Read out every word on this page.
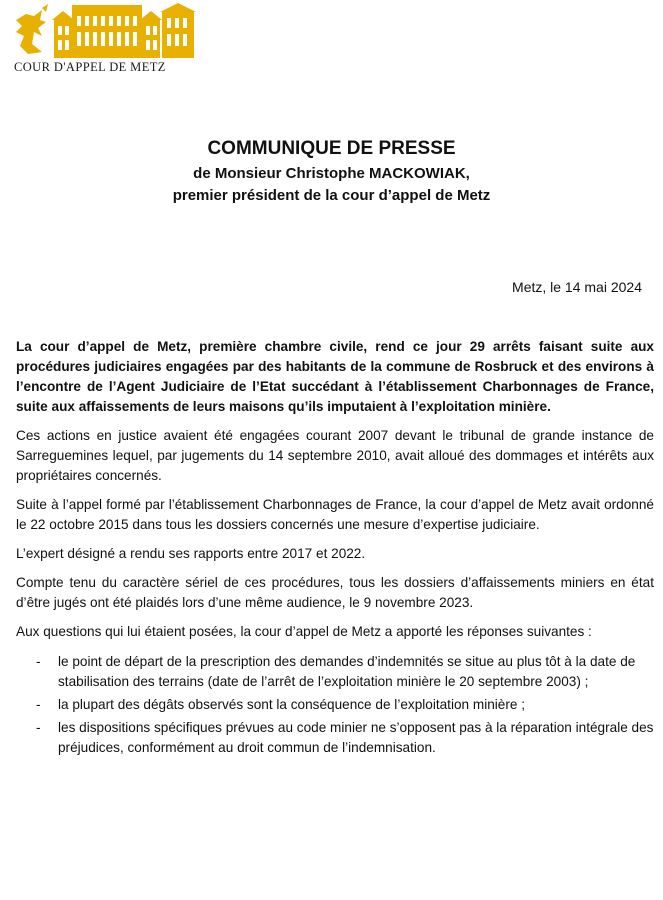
COUR D'APPEL DE METZ

COMMUNIQUE DE PRESSE

de Monsieur Christophe MACKOWIAK,

premier président de la cour d’appel de Metz

Metz, le 14 mai 2024

La cour d’appel de Metz, première chambre civile, rend ce jour 29 arrêts faisant suite aux procédures judiciaires engagées par des habitants de la commune de Rosbruck et des environs à l’encontre de l’Agent Judiciaire de l’Etat succédant à l’établissement Charbonnages de France, suite aux affaissements de leurs maisons qu’ils imputaient à l’exploitation minière.

Ces actions en justice avaient été engagées courant 2007 devant le tribunal de grande instance de Sarreguemines lequel, par jugements du 14 septembre 2010, avait alloué des dommages et intérêts aux propriétaires concernés.

Suite à l’appel formé par l’établissement Charbonnages de France, la cour d’appel de Metz avait ordonné le 22 octobre 2015 dans tous les dossiers concernés une mesure d’expertise judiciaire.

L’expert désigné a rendu ses rapports entre 2017 et 2022.

Compte tenu du caractère sériel de ces procédures, tous les dossiers d’affaissements miniers en état d’être jugés ont été plaidés lors d’une même audience, le 9 novembre 2023.

Aux questions qui lui étaient posées, la cour d’appel de Metz a apporté les réponses suivantes :

- le point de départ de la prescription des demandes d’indemnités se situe au plus tôt à la date de stabilisation des terrains (date de l’arrêt de l’exploitation minière le 20 septembre 2003) ;
- la plupart des dégâts observés sont la conséquence de l’exploitation minière ;
- les dispositions spécifiques prévues au code minier ne s’opposent pas à la réparation intégrale des préjudices, conformément au droit commun de l’indemnisation.
